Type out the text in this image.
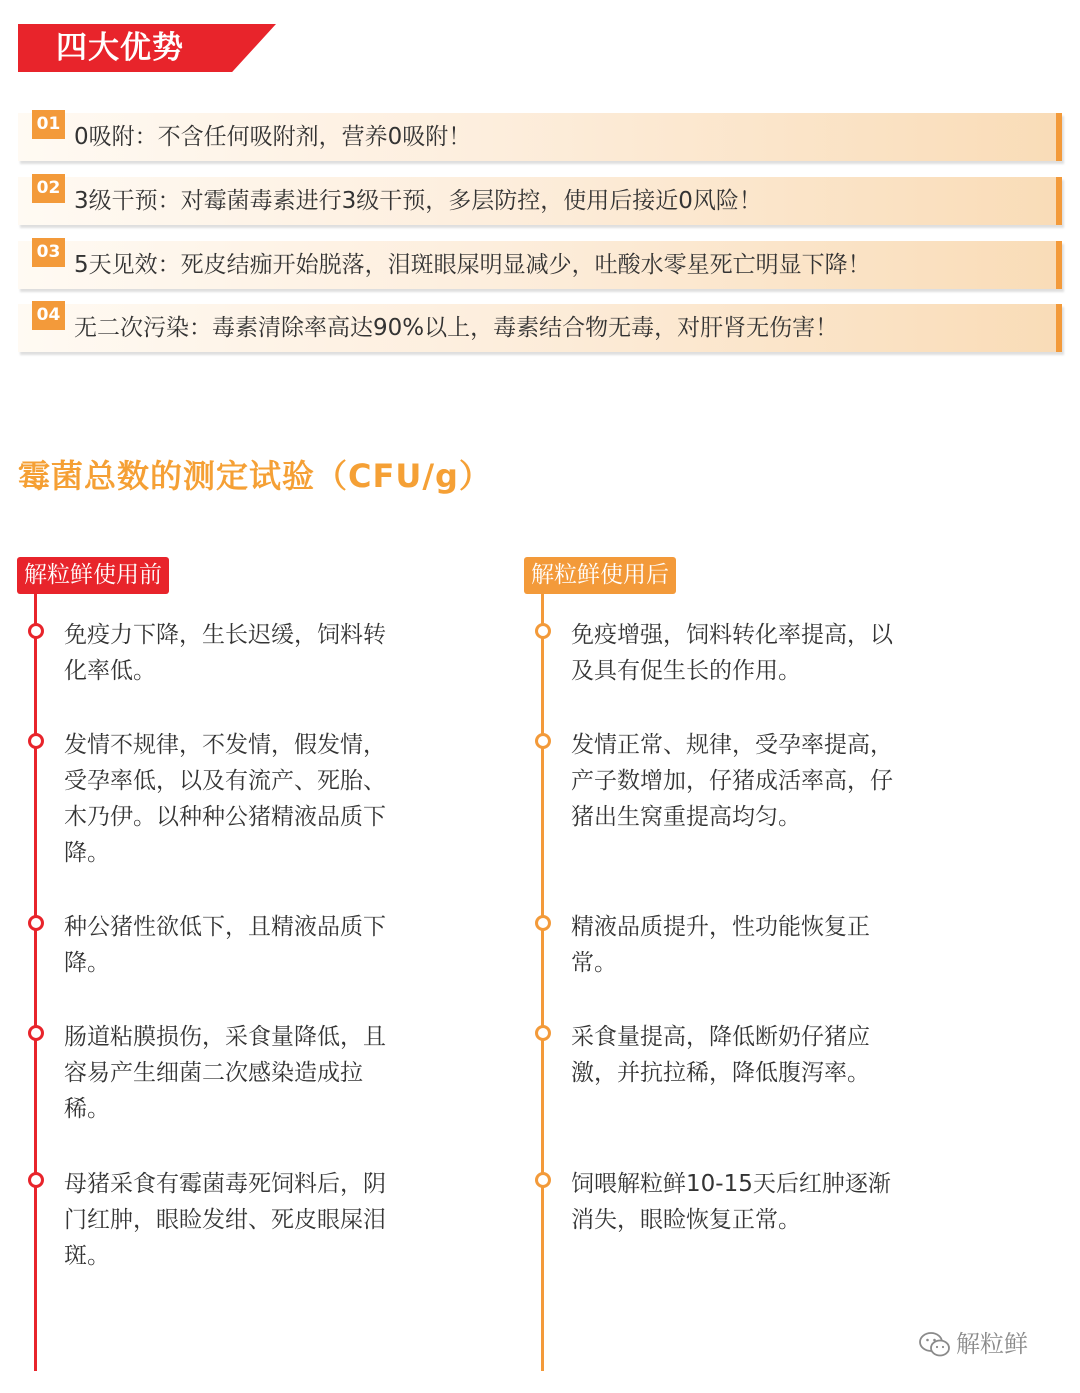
四大优势
01 0吸附：不含任何吸附剂，营养0吸附！
02 3级干预：对霉菌毒素进行3级干预，多层防控，使用后接近0风险！
03 5天见效：死皮结痂开始脱落，泪斑眼屎明显减少，吐酸水零星死亡明显下降！
04 无二次污染：毒素清除率高达90%以上，毒素结合物无毒，对肝肾无伤害！
霉菌总数的测定试验（CFU/g）
解粒鲜使用前
免疫力下降，生长迟缓，饲料转化率低。
发情不规律，不发情，假发情，受孕率低，以及有流产、死胎、木乃伊。以种种公猪精液品质下降。
种公猪性欲低下，且精液品质下降。
肠道粘膜损伤，采食量降低，且容易产生细菌二次感染造成拉稀。
母猪采食有霉菌毒死饲料后，阴门红肿，眼睑发绀、死皮眼屎泪斑。
解粒鲜使用后
免疫增强，饲料转化率提高，以及具有促生长的作用。
发情正常、规律，受孕率提高，产子数增加，仔猪成活率高，仔猪出生窝重提高均匀。
精液品质提升，性功能恢复正常。
采食量提高，降低断奶仔猪应激，并抗拉稀，降低腹泻率。
饲喂解粒鲜10-15天后红肿逐渐消失，眼睑恢复正常。
解粒鲜
